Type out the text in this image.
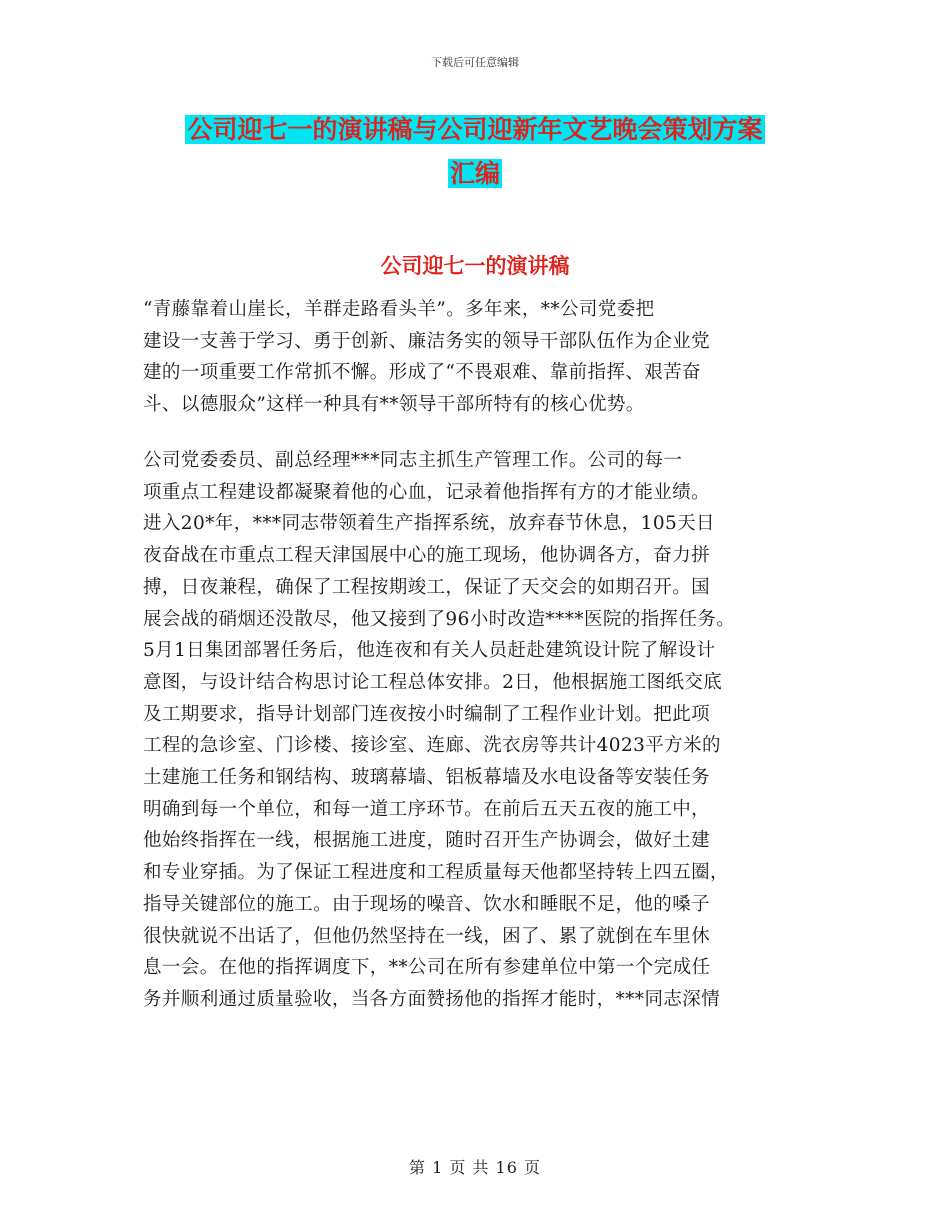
下载后可任意编辑
公司迎七一的演讲稿与公司迎新年文艺晚会策划方案
汇编
公司迎七一的演讲稿
“青藤靠着山崖长，羊群走路看头羊”。多年来，**公司党委把
建设一支善于学习、勇于创新、廉洁务实的领导干部队伍作为企业党
建的一项重要工作常抓不懈。形成了“不畏艰难、靠前指挥、艰苦奋
斗、以德服众”这样一种具有**领导干部所特有的核心优势。
公司党委委员、副总经理***同志主抓生产管理工作。公司的每一
项重点工程建设都凝聚着他的心血，记录着他指挥有方的才能业绩。
进入20*年，***同志带领着生产指挥系统，放弃春节休息，105天日
夜奋战在市重点工程天津国展中心的施工现场，他协调各方，奋力拼
搏，日夜兼程，确保了工程按期竣工，保证了天交会的如期召开。国
展会战的硝烟还没散尽，他又接到了96小时改造****医院的指挥任务。
5月1日集团部署任务后，他连夜和有关人员赶赴建筑设计院了解设计
意图，与设计结合构思讨论工程总体安排。2日，他根据施工图纸交底
及工期要求，指导计划部门连夜按小时编制了工程作业计划。把此项
工程的急诊室、门诊楼、接诊室、连廊、洗衣房等共计4023平方米的
土建施工任务和钢结构、玻璃幕墙、铝板幕墙及水电设备等安装任务
明确到每一个单位，和每一道工序环节。在前后五天五夜的施工中，
他始终指挥在一线，根据施工进度，随时召开生产协调会，做好土建
和专业穿插。为了保证工程进度和工程质量每天他都坚持转上四五圈，
指导关键部位的施工。由于现场的噪音、饮水和睡眠不足，他的嗓子
很快就说不出话了，但他仍然坚持在一线，困了、累了就倒在车里休
息一会。在他的指挥调度下，**公司在所有参建单位中第一个完成任
务并顺利通过质量验收，当各方面赞扬他的指挥才能时，***同志深情
第 1 页 共 16 页
